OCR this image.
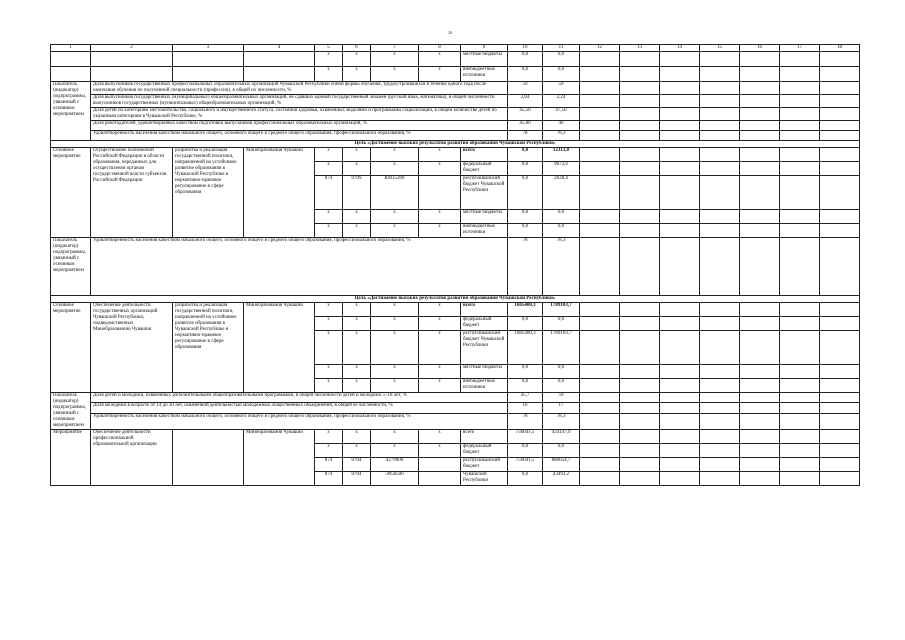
26
1	2	3	4	5	6	7	8	9	10	11	12	13	14	15	16	17	18
				x	x	x	x	местные бюджеты	0,0	0,0							
				x	x	x	x	внебюджетные источники	0,0	0,0							
Показатель (индикатор) подпрограммы, увязанный с основным мероприятием	Доля выпускников государственных профессиональных образовательных организаций Чувашской Республики очной формы обучения, трудоустроившихся в течение одного года после окончания обучения по полученной специальности (профессии), в общей их численности, %								59	59							
	Доля выпускников государственных (муниципальных) общеобразовательных организаций, не сдавших единый государственный экзамен (русский язык, математика), в общей численности выпускников государственных (муниципальных) общеобразовательных организаций, %								2,04	2,24							
	Доля детей по категориям местожительства, социального и имущественного статуса, состояния здоровья, охваченных моделями и программами социализации, в общем количестве детей по указанным категориям в Чувашской Республике, %								45,50	47,50							
	Доля работодателей, удовлетворенных качеством подготовки выпускников профессиональных образовательных организаций, %								45,80	46							
	Удовлетворенность населения качеством начального общего, основного общего и среднего общего образования, профессионального образования, %								78	78,3							
Цель «Достижение высоких результатов развития образования Чувашской Республики»																	
Основное мероприятие	Осуществление полномочий Российской Федерации в области образования, переданных для осуществления органам государственной власти субъектов Российской Федерации	разработка и реализация государственной политики, направленной на устойчивое развитие образования в Чувашской Республике и нормативно-правовое регулирование в сфере образования	Минобразования Чувашии	x	x	x	x	всего	0,0	12312,0							
				x	x	x	x	федеральный бюджет	0,0	9673,6							
				874	0709	Ю015200		республиканский бюджет Чувашской Республики	0,0	2638,4							
				x	x	x	x	местные бюджеты	0,0	0,0							
				x	x	x	x	внебюджетные источники	0,0	0,0							
Показатель (индикатор) подпрограммы, увязанный с основным мероприятием	Удовлетворенность населения качеством начального общего, основного общего и среднего общего образования, профессионального образования, %								78	78,3							
Цель «Достижение высоких результатов развития образования Чувашской Республики»																	
Основное мероприятие	Обеспечение деятельности государственных организаций Чувашской Республики, подведомственных Минобразованию Чувашии	разработка и реализация государственной политики, направленной на устойчивое развитие образования в Чувашской Республике и нормативно-правовое регулирование в сфере образования	Минобразования Чувашии	x	x	x	x	всего	1685400,3	1789103,7							
				x	x	x	x	федеральный бюджет	0,0	0,0							
				x	x	x	x	республиканский бюджет Чувашской Республики	1685400,3	1789103,7							
				x	x	x	x	местные бюджеты	0,0	0,0							
				x	x	x	x	внебюджетные источники	0,0	0,0							
Показатель (индикатор) подпрограммы, увязанный с основным мероприятием	Доля детей и молодежи, охваченных дополнительными общеобразовательными программами, в общей численности детей и молодежи 5–18 лет, %								45,7	59							
	Доля молодежи в возрасте от 14 до 30 лет, охваченной деятельностью молодежных общественных объединений, в общей ее численности, %								16	17							
	Удовлетворенность населения качеством начального общего, основного общего и среднего общего образования, профессионального образования, %								78	78,3							
Мероприятие	Обеспечение деятельности профессиональной образовательной организации		Минобразования Чувашии	x	x	x	x	всего	756041,5	924147,9							
				x	x	x	x	федеральный бюджет	0,0	0,0							
				874	0704	4279900		республиканский бюджет	756041,5	880654,7							
				874	0704	Э058500		Чувашской Республики	0,0	43493,2							
